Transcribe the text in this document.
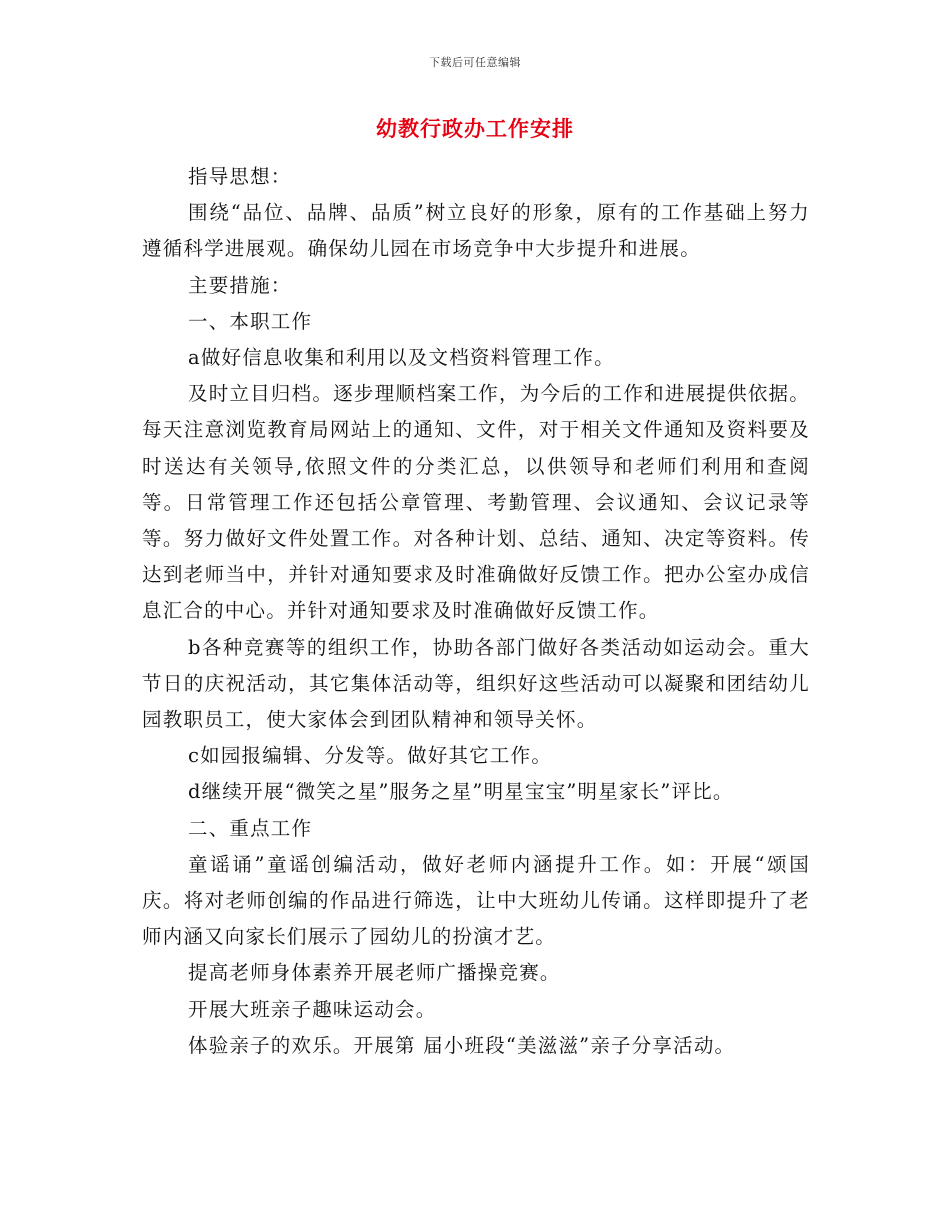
下载后可任意编辑
幼教行政办工作安排

指导思想：

围绕“品位、品牌、品质”树立良好的形象，原有的工作基础上努力遵循科学进展观。确保幼儿园在市场竞争中大步提升和进展。

主要措施：

一、本职工作

a做好信息收集和利用以及文档资料管理工作。

及时立目归档。逐步理顺档案工作，为今后的工作和进展提供依据。每天注意浏览教育局网站上的通知、文件，对于相关文件通知及资料要及时送达有关领导,依照文件的分类汇总，以供领导和老师们利用和查阅等。日常管理工作还包括公章管理、考勤管理、会议通知、会议记录等等。努力做好文件处置工作。对各种计划、总结、通知、决定等资料。传达到老师当中，并针对通知要求及时准确做好反馈工作。把办公室办成信息汇合的中心。并针对通知要求及时准确做好反馈工作。

b各种竞赛等的组织工作，协助各部门做好各类活动如运动会。重大节日的庆祝活动，其它集体活动等，组织好这些活动可以凝聚和团结幼儿园教职员工，使大家体会到团队精神和领导关怀。

c如园报编辑、分发等。做好其它工作。

d继续开展“微笑之星”服务之星”明星宝宝”明星家长”评比。

二、重点工作

童谣诵”童谣创编活动，做好老师内涵提升工作。如：开展“颂国庆。将对老师创编的作品进行筛选，让中大班幼儿传诵。这样即提升了老师内涵又向家长们展示了园幼儿的扮演才艺。

提高老师身体素养开展老师广播操竞赛。

开展大班亲子趣味运动会。

体验亲子的欢乐。开展第 届小班段“美滋滋”亲子分享活动。
